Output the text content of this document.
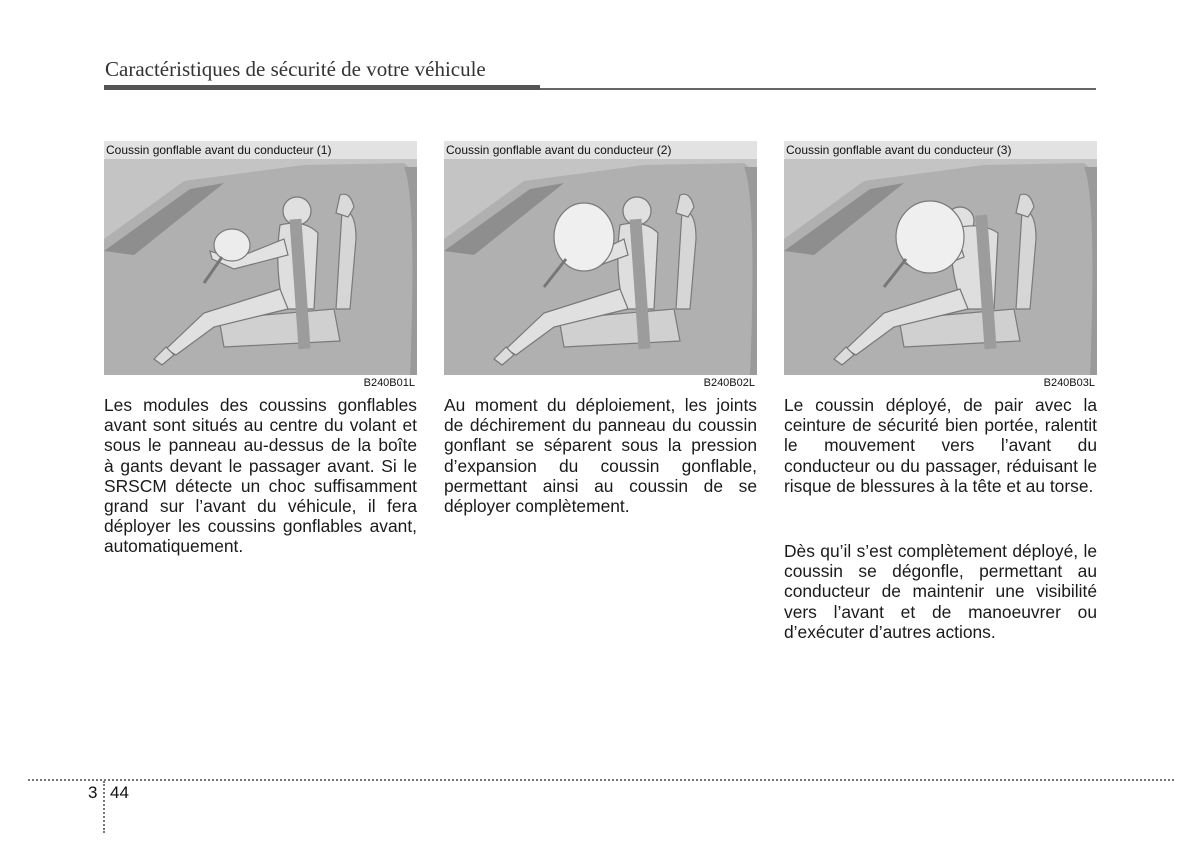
Caractéristiques de sécurité de votre véhicule
Coussin gonflable avant du conducteur (1)
B240B01L
Coussin gonflable avant du conducteur (2)
B240B02L
Coussin gonflable avant du conducteur (3)
B240B03L

Les modules des coussins gonflables avant sont situés au centre du volant et sous le panneau au-dessus de la boîte à gants devant le passager avant. Si le SRSCM détecte un choc suffisamment grand sur l’avant du véhicule, il fera déployer les coussins gonflables avant, automatiquement.

Au moment du déploiement, les joints de déchirement du panneau du coussin gonflant se séparent sous la pression d’expansion du coussin gonflable, permettant ainsi au coussin de se déployer complètement.

Le coussin déployé, de pair avec la ceinture de sécurité bien portée, ralentit le mouvement vers l’avant du conducteur ou du passager, réduisant le risque de blessures à la tête et au torse.

Dès qu’il s’est complètement déployé, le coussin se dégonfle, permettant au conducteur de maintenir une visibilité vers l’avant et de manoeuvrer ou d’exécuter d’autres actions.

3 44
